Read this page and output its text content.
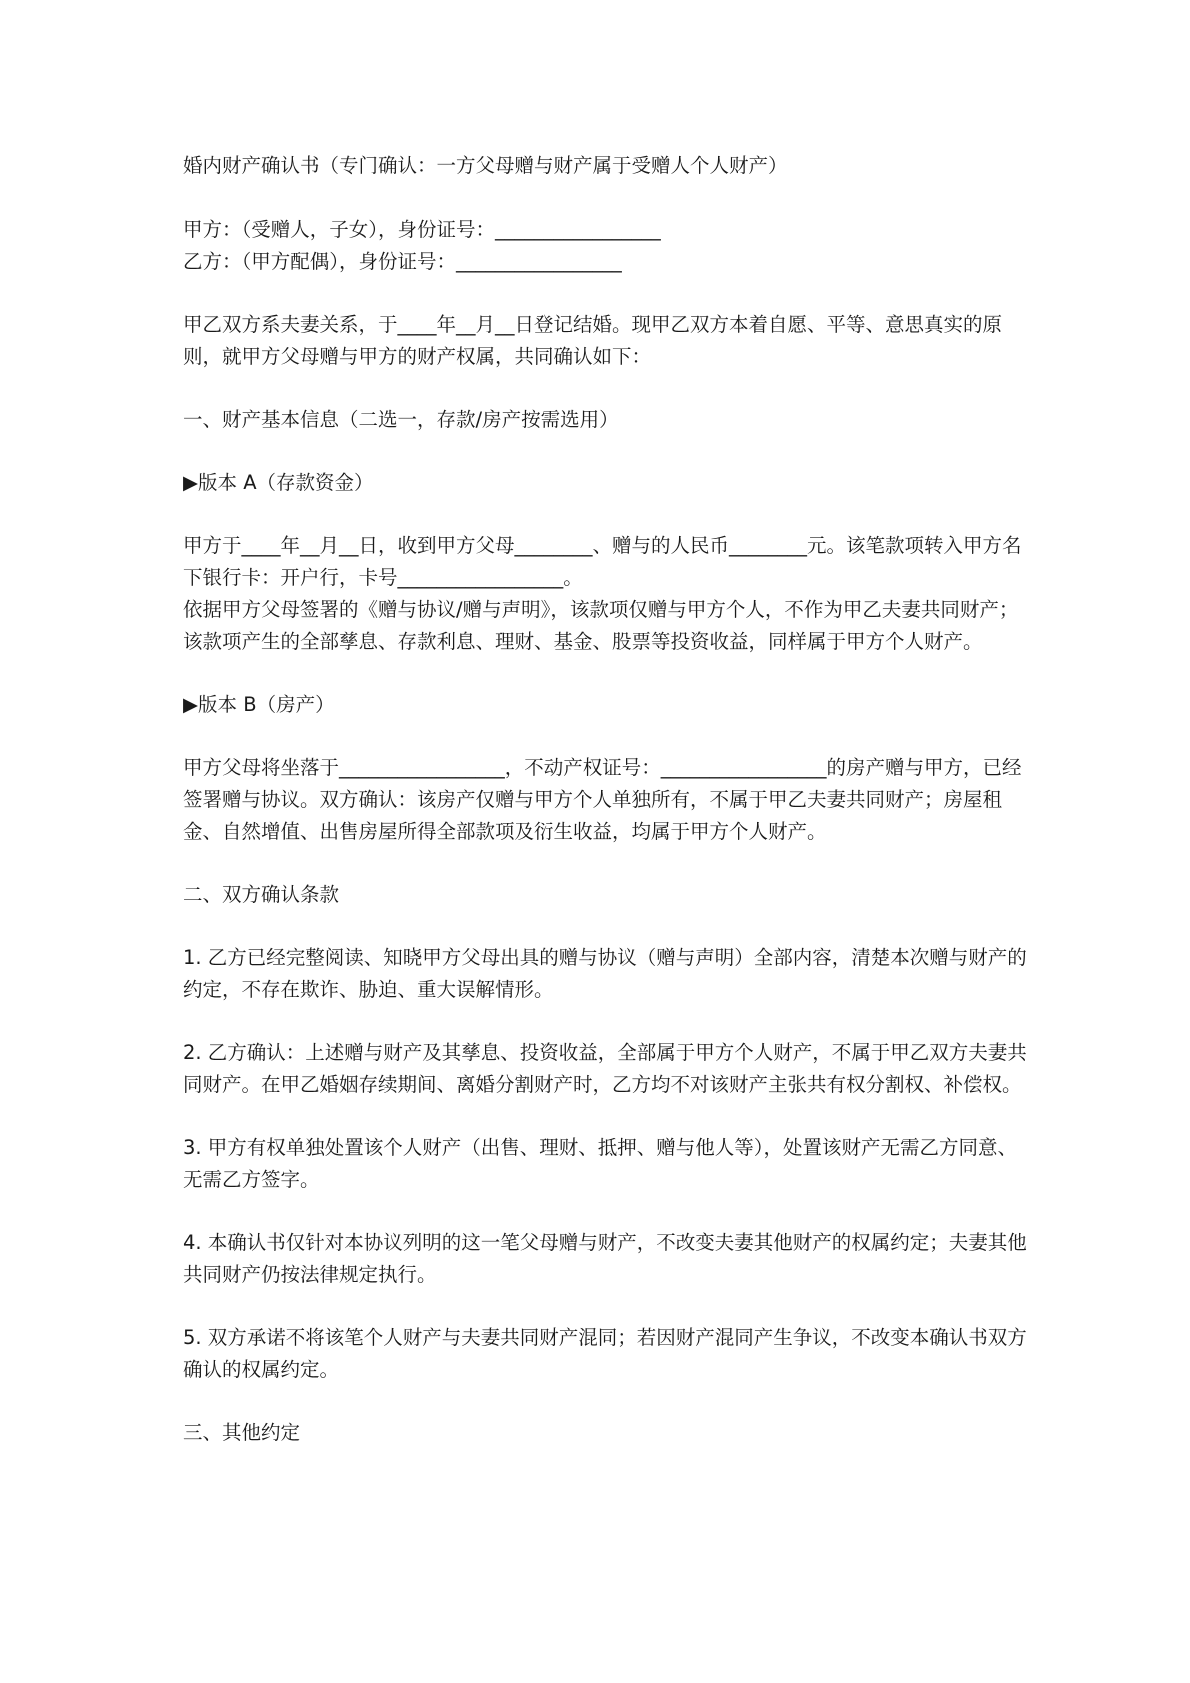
婚内财产确认书（专门确认：一方父母赠与财产属于受赠人个人财产）

甲方：（受赠人，子女），身份证号：_________________

乙方：（甲方配偶），身份证号：_________________

甲乙双方系夫妻关系，于____年__月__日登记结婚。现甲乙双方本着自愿、平等、意思真实的原则，就甲方父母赠与甲方的财产权属，共同确认如下：

一、财产基本信息（二选一，存款/房产按需选用）

▶版本 A（存款资金）

甲方于____年__月__日，收到甲方父母________、赠与的人民币________元。该笔款项转入甲方名下银行卡：开户行，卡号_________________。

依据甲方父母签署的《赠与协议/赠与声明》，该款项仅赠与甲方个人，不作为甲乙夫妻共同财产；该款项产生的全部孳息、存款利息、理财、基金、股票等投资收益，同样属于甲方个人财产。

▶版本 B（房产）

甲方父母将坐落于_________________，不动产权证号：_________________的房产赠与甲方，已经签署赠与协议。双方确认：该房产仅赠与甲方个人单独所有，不属于甲乙夫妻共同财产；房屋租金、自然增值、出售房屋所得全部款项及衍生收益，均属于甲方个人财产。

二、双方确认条款

1. 乙方已经完整阅读、知晓甲方父母出具的赠与协议（赠与声明）全部内容，清楚本次赠与财产的约定，不存在欺诈、胁迫、重大误解情形。

2. 乙方确认：上述赠与财产及其孳息、投资收益，全部属于甲方个人财产，不属于甲乙双方夫妻共同财产。在甲乙婚姻存续期间、离婚分割财产时，乙方均不对该财产主张共有权分割权、补偿权。

3. 甲方有权单独处置该个人财产（出售、理财、抵押、赠与他人等），处置该财产无需乙方同意、无需乙方签字。

4. 本确认书仅针对本协议列明的这一笔父母赠与财产，不改变夫妻其他财产的权属约定；夫妻其他共同财产仍按法律规定执行。

5. 双方承诺不将该笔个人财产与夫妻共同财产混同；若因财产混同产生争议，不改变本确认书双方确认的权属约定。

三、其他约定
